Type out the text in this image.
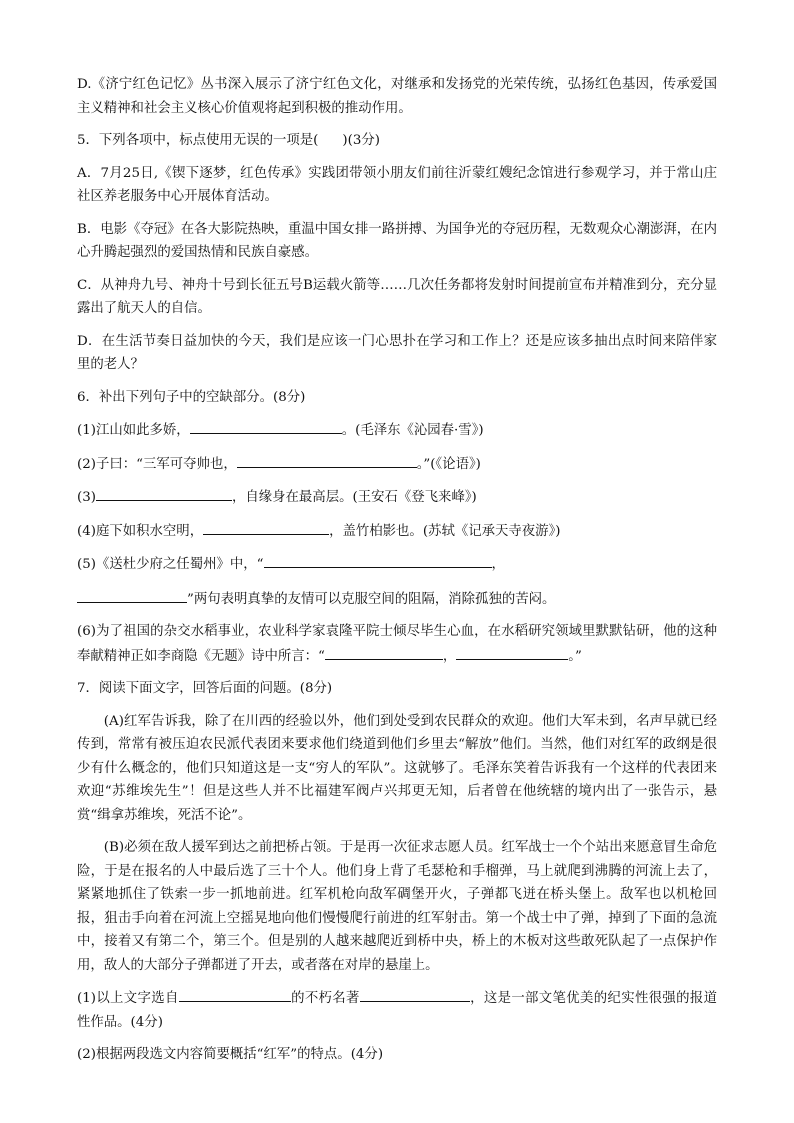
D.《济宁红色记忆》丛书深入展示了济宁红色文化，对继承和发扬党的光荣传统，弘扬红色基因，传承爱国主义精神和社会主义核心价值观将起到积极的推动作用。

5．下列各项中，标点使用无误的一项是( )(3分)

A．7月25日,《锲下逐梦，红色传承》实践团带领小朋友们前往沂蒙红嫂纪念馆进行参观学习，并于常山庄社区养老服务中心开展体育活动。

B．电影《夺冠》在各大影院热映，重温中国女排一路拼搏、为国争光的夺冠历程，无数观众心潮澎湃，在内心升腾起强烈的爱国热情和民族自豪感。

C．从神舟九号、神舟十号到长征五号B运载火箭等……几次任务都将发射时间提前宣布并精准到分，充分显露出了航天人的自信。

D．在生活节奏日益加快的今天，我们是应该一门心思扑在学习和工作上？还是应该多抽出点时间来陪伴家里的老人？

6．补出下列句子中的空缺部分。(8分)

(1)江山如此多娇，	。(毛泽东《沁园春·雪》)

(2)子曰：“三军可夺帅也，	。”(《论语》)

(3)	，自缘身在最高层。(王安石《登飞来峰》)

(4)庭下如积水空明，	，盖竹柏影也。(苏轼《记承天寺夜游》)

(5)《送杜少府之任蜀州》中，“	，

”两句表明真挚的友情可以克服空间的阻隔，消除孤独的苦闷。

(6)为了祖国的杂交水稻事业，农业科学家袁隆平院士倾尽毕生心血，在水稻研究领域里默默钻研，他的这种奉献精神正如李商隐《无题》诗中所言：“	，	。”

7．阅读下面文字，回答后面的问题。(8分)

(A)红军告诉我，除了在川西的经验以外，他们到处受到农民群众的欢迎。他们大军未到，名声早就已经传到，常常有被压迫农民派代表团来要求他们绕道到他们乡里去“解放”他们。当然，他们对红军的政纲是很少有什么概念的，他们只知道这是一支“穷人的军队”。这就够了。毛泽东笑着告诉我有一个这样的代表团来欢迎“苏维埃先生”！但是这些人并不比福建军阀卢兴邦更无知，后者曾在他统辖的境内出了一张告示，悬赏“缉拿苏维埃，死活不论”。

(B)必须在敌人援军到达之前把桥占领。于是再一次征求志愿人员。红军战士一个个站出来愿意冒生命危险，于是在报名的人中最后选了三十个人。他们身上背了毛瑟枪和手榴弹，马上就爬到沸腾的河流上去了，紧紧地抓住了铁索一步一抓地前进。红军机枪向敌军碉堡开火，子弹都飞迸在桥头堡上。敌军也以机枪回报，狙击手向着在河流上空摇晃地向他们慢慢爬行前进的红军射击。第一个战士中了弹，掉到了下面的急流中，接着又有第二个，第三个。但是别的人越来越爬近到桥中央，桥上的木板对这些敢死队起了一点保护作用，敌人的大部分子弹都迸了开去，或者落在对岸的悬崖上。

(1)以上文字选自	的不朽名著	，这是一部文笔优美的纪实性很强的报道性作品。(4分)

(2)根据两段选文内容简要概括“红军”的特点。(4分)
